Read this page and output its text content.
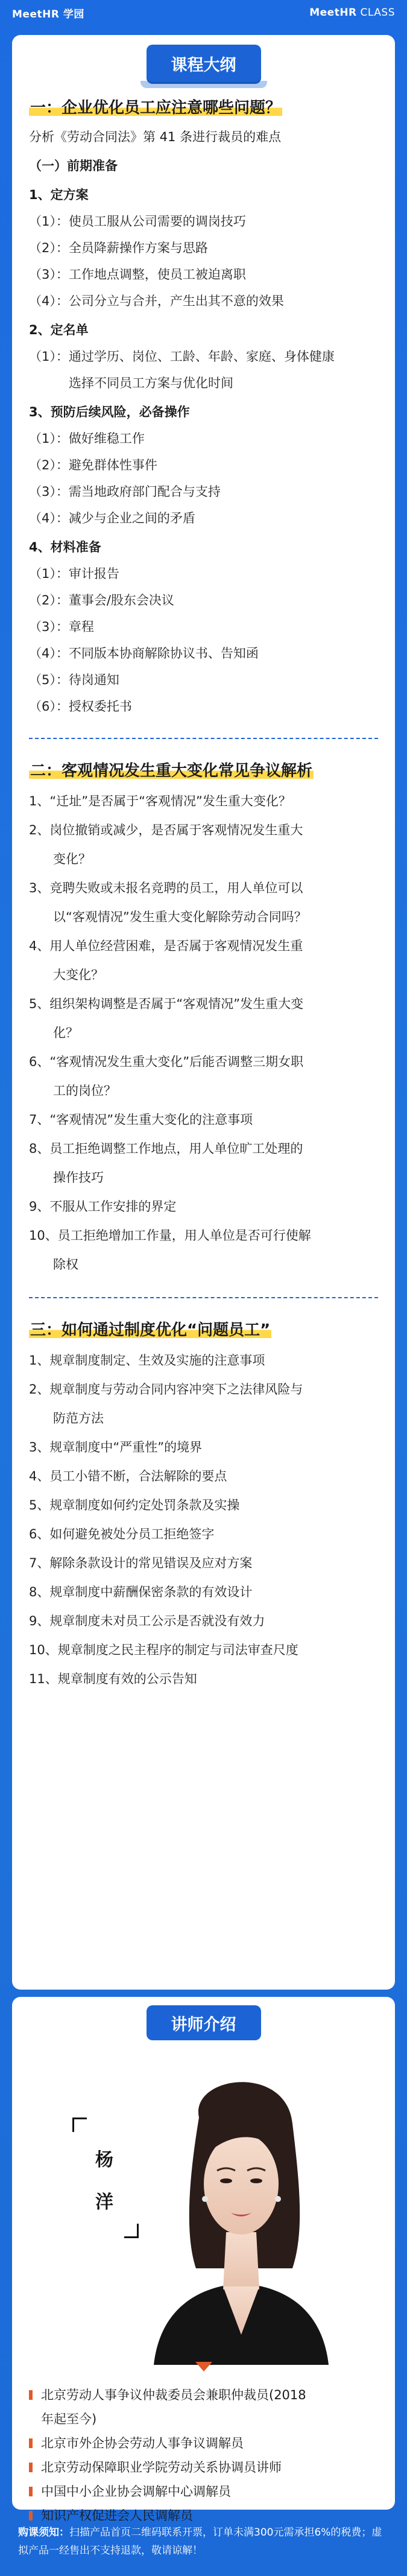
MeetHR 学园	MeetHR CLASS
课程大纲
一：企业优化员工应注意哪些问题？
分析《劳动合同法》第 41 条进行裁员的难点
（一）前期准备
1、定方案
（1）：使员工服从公司需要的调岗技巧
（2）：全员降薪操作方案与思路
（3）：工作地点调整，使员工被迫离职
（4）：公司分立与合并，产生出其不意的效果
2、定名单
（1）：通过学历、岗位、工龄、年龄、家庭、身体健康
选择不同员工方案与优化时间
3、预防后续风险，必备操作
（1）：做好维稳工作
（2）：避免群体性事件
（3）：需当地政府部门配合与支持
（4）：减少与企业之间的矛盾
4、材料准备
（1）：审计报告
（2）：董事会/股东会决议
（3）：章程
（4）：不同版本协商解除协议书、告知函
（5）：待岗通知
（6）：授权委托书
二：客观情况发生重大变化常见争议解析
1、“迁址”是否属于“客观情况”发生重大变化？
2、岗位撤销或减少，是否属于客观情况发生重大
变化？
3、竞聘失败或未报名竞聘的员工，用人单位可以
以“客观情况”发生重大变化解除劳动合同吗？
4、用人单位经营困难，是否属于客观情况发生重
大变化？
5、组织架构调整是否属于“客观情况”发生重大变
化？
6、“客观情况发生重大变化”后能否调整三期女职
工的岗位？
7、“客观情况”发生重大变化的注意事项
8、员工拒绝调整工作地点，用人单位旷工处理的
操作技巧
9、不服从工作安排的界定
10、员工拒绝增加工作量，用人单位是否可行使解
除权
三：如何通过制度优化“问题员工”
1、规章制度制定、生效及实施的注意事项
2、规章制度与劳动合同内容冲突下之法律风险与
防范方法
3、规章制度中“严重性”的境界
4、员工小错不断，合法解除的要点
5、规章制度如何约定处罚条款及实操
6、如何避免被处分员工拒绝签字
7、解除条款设计的常见错误及应对方案
8、规章制度中薪酬保密条款的有效设计
9、规章制度未对员工公示是否就没有效力
10、规章制度之民主程序的制定与司法审查尺度
11、规章制度有效的公示告知
讲师介绍
杨
洋
北京劳动人事争议仲裁委员会兼职仲裁员(2018
年起至今)
北京市外企协会劳动人事争议调解员
北京劳动保障职业学院劳动关系协调员讲师
中国中小企业协会调解中心调解员
知识产权促进会人民调解员
购课须知：扫描产品首页二维码联系开票，订单未满300元需承担6%的税费；虚拟产品一经售出不支持退款，敬请谅解！
